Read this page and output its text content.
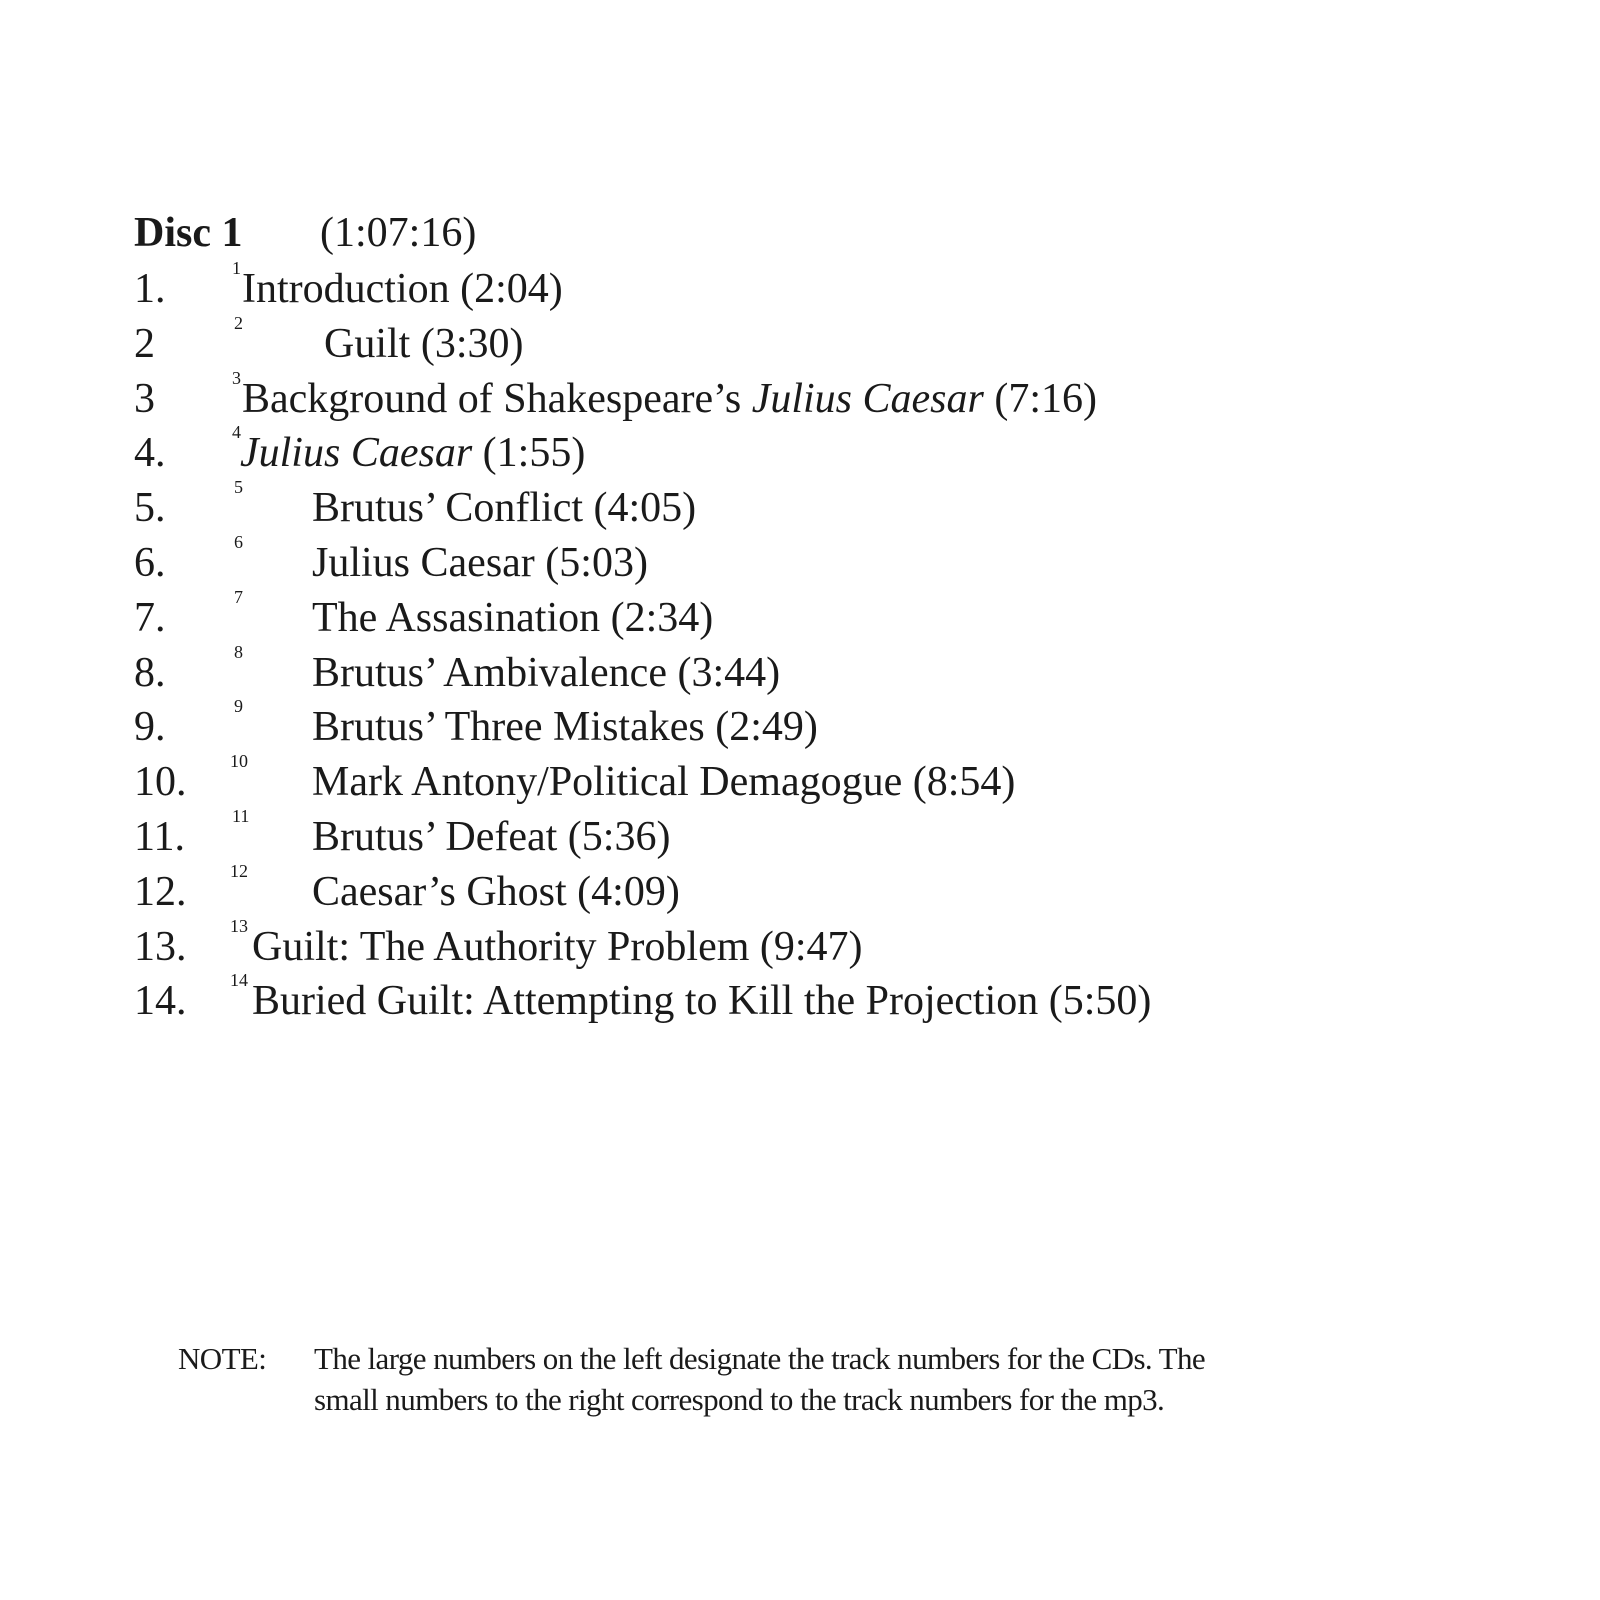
Disc 1 (1:07:16)
1.	1 Introduction (2:04)
2	2 Guilt (3:30)
3	3 Background of Shakespeare’s Julius Caesar (7:16)
4.	4 Julius Caesar (1:55)
5.	5 Brutus’ Conflict (4:05)
6.	6 Julius Caesar (5:03)
7.	7 The Assasination (2:34)
8.	8 Brutus’ Ambivalence (3:44)
9.	9 Brutus’ Three Mistakes (2:49)
10. 10 Mark Antony/Political Demagogue (8:54)
11.	11 Brutus’ Defeat (5:36)
12. 12 Caesar’s Ghost (4:09)
13. 13 Guilt: The Authority Problem (9:47)
14. 14 Buried Guilt: Attempting to Kill the Projection (5:50)
NOTE: The large numbers on the left designate the track numbers for the CDs. The
small numbers to the right correspond to the track numbers for the mp3.
